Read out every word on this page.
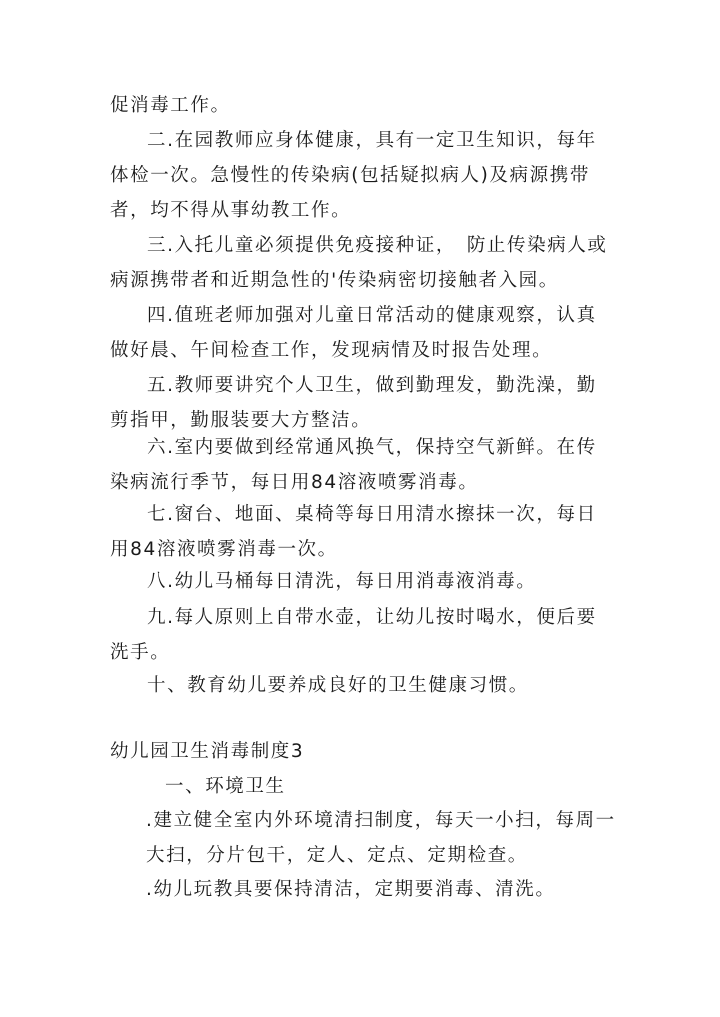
促消毒工作。

二.在园教师应身体健康，具有一定卫生知识，每年体检一次。急慢性的传染病(包括疑拟病人)及病源携带者，均不得从事幼教工作。

三.入托儿童必须提供免疫接种证，　防止传染病人或病源携带者和近期急性的'传染病密切接触者入园。

四.值班老师加强对儿童日常活动的健康观察，认真做好晨、午间检查工作，发现病情及时报告处理。

五.教师要讲究个人卫生，做到勤理发，勤洗澡，勤剪指甲，勤服装要大方整洁。

六.室内要做到经常通风换气，保持空气新鲜。在传染病流行季节，每日用84溶液喷雾消毒。

七.窗台、地面、桌椅等每日用清水擦抹一次，每日用84溶液喷雾消毒一次。

八.幼儿马桶每日清洗，每日用消毒液消毒。

九.每人原则上自带水壶，让幼儿按时喝水，便后要洗手。

十、教育幼儿要养成良好的卫生健康习惯。

幼儿园卫生消毒制度3

一、环境卫生

.建立健全室内外环境清扫制度，每天一小扫，每周一大扫，分片包干，定人、定点、定期检查。

.幼儿玩教具要保持清洁，定期要消毒、清洗。
